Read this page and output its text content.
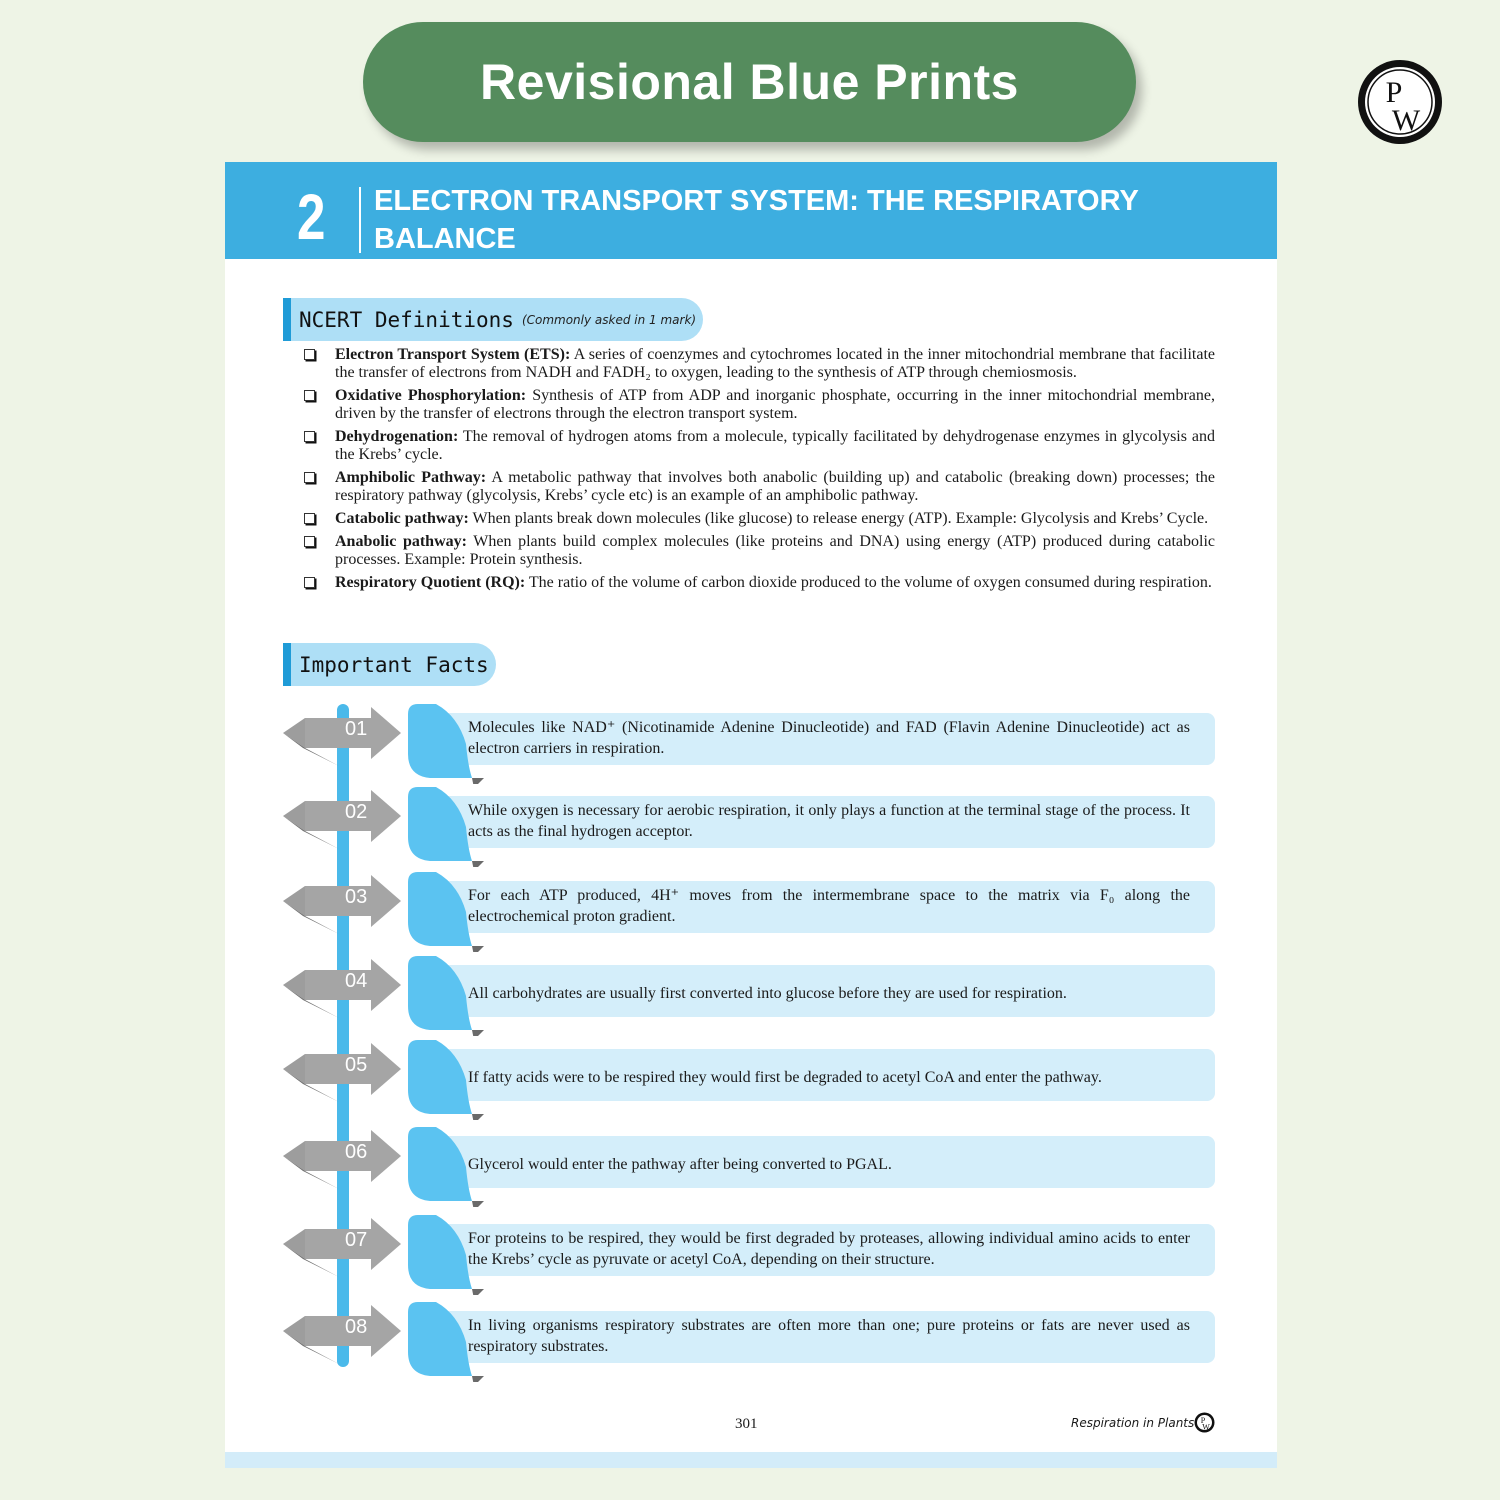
Revisional Blue Prints	P
W
2 ELECTRON TRANSPORT SYSTEM: THE RESPIRATORY BALANCE
SHEET, AMPHIBOLIC PATHWAY, RESPIRATORY QUOTIENT
NCERT Definitions (Commonly asked in 1 mark)
Electron Transport System (ETS): A series of coenzymes and cytochromes located in the inner mitochondrial membrane that facilitate the transfer of electrons from NADH and FADH₂ to oxygen, leading to the synthesis of ATP through chemiosmosis.
Oxidative Phosphorylation: Synthesis of ATP from ADP and inorganic phosphate, occurring in the inner mitochondrial membrane, driven by the transfer of electrons through the electron transport system.
Dehydrogenation: The removal of hydrogen atoms from a molecule, typically facilitated by dehydrogenase enzymes in glycolysis and the Krebs’ cycle.
Amphibolic Pathway: A metabolic pathway that involves both anabolic (building up) and catabolic (breaking down) processes; the respiratory pathway (glycolysis, Krebs’ cycle etc) is an example of an amphibolic pathway.
Catabolic pathway: When plants break down molecules (like glucose) to release energy (ATP). Example: Glycolysis and Krebs’ Cycle.
Anabolic pathway: When plants build complex molecules (like proteins and DNA) using energy (ATP) produced during catabolic processes. Example: Protein synthesis.
Respiratory Quotient (RQ): The ratio of the volume of carbon dioxide produced to the volume of oxygen consumed during respiration.
Important Facts
01	Molecules like NAD⁺ (Nicotinamide Adenine Dinucleotide) and FAD (Flavin Adenine Dinucleotide) act as electron carriers in respiration.
02	While oxygen is necessary for aerobic respiration, it only plays a function at the terminal stage of the process. It acts as the final hydrogen acceptor.
03	For each ATP produced, 4H⁺ moves from the intermembrane space to the matrix via F₀ along the electrochemical proton gradient.
04
All carbohydrates are usually first converted into glucose before they are used for respiration.
05
If fatty acids were to be respired they would first be degraded to acetyl CoA and enter the pathway.
06
Glycerol would enter the pathway after being converted to PGAL.
07	For proteins to be respired, they would be first degraded by proteases, allowing individual amino acids to enter the Krebs’ cycle as pyruvate or acetyl CoA, depending on their structure.
08	In living organisms respiratory substrates are often more than one; pure proteins or fats are never used as respiratory substrates.
301	Respiration in Plants P
W
